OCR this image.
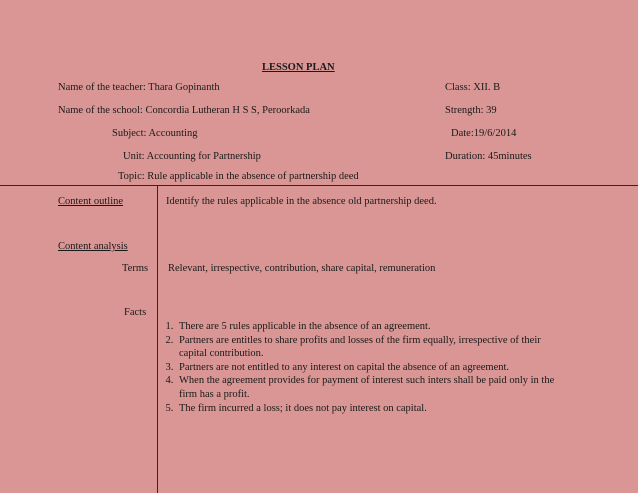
LESSON PLAN
Name of the teacher: Thara Gopinanth	Class: XII. B
Name of the school: Concordia Lutheran H S S, Peroorkada	Strength: 39
Subject: Accounting	Date:19/6/2014
Unit: Accounting for Partnership	Duration: 45minutes
Topic: Rule applicable in the absence of partnership deed
Content outline	Identify the rules applicable in the absence old partnership deed.
Content analysis
Terms Relevant, irrespective, contribution, share capital, remuneration
Facts
1. There are 5 rules applicable in the absence of an agreement.
2. Partners are entitles to share profits and losses of the firm equally, irrespective of their capital contribution.
3. Partners are not entitled to any interest on capital the absence of an agreement.
4. When the agreement provides for payment of interest such inters shall be paid only in the firm has a profit.
5. The firm incurred a loss; it does not pay interest on capital.
